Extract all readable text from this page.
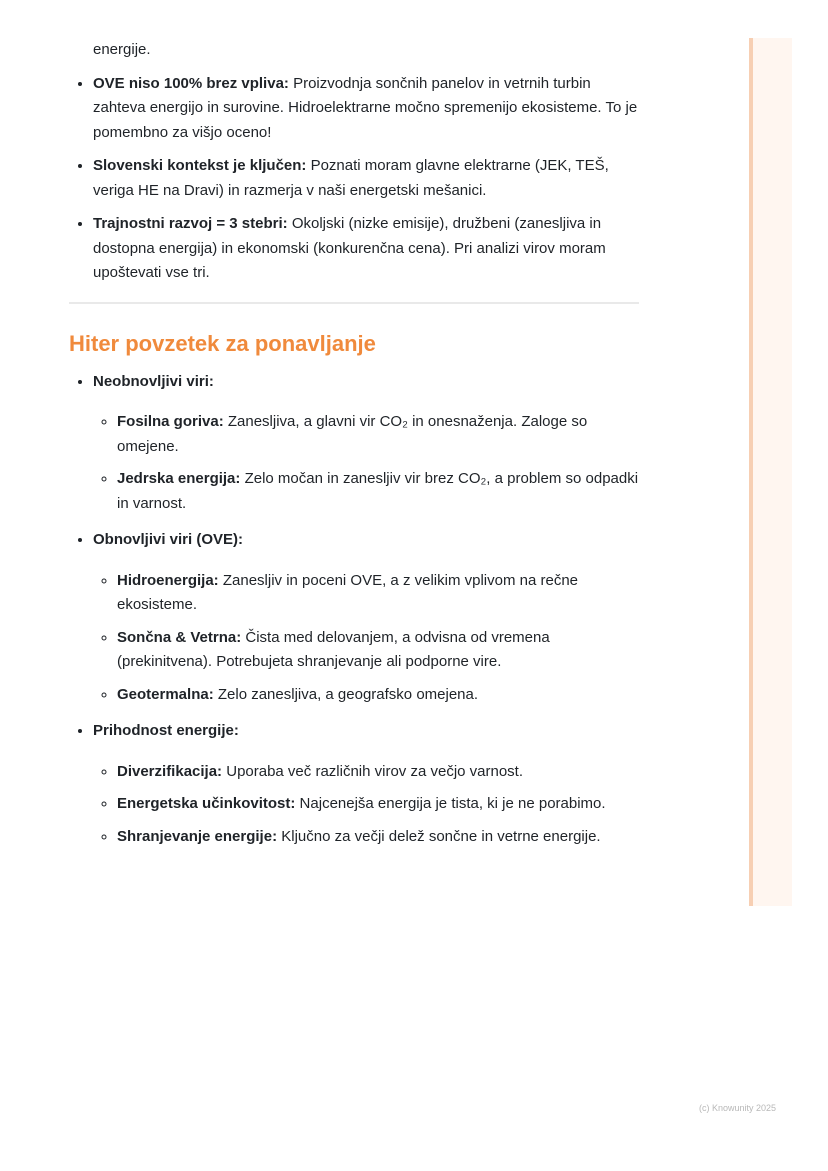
energije.
• OVE niso 100% brez vpliva: Proizvodnja sončnih panelov in vetrnih turbin zahteva energijo in surovine. Hidroelektrarne močno spremenijo ekosisteme. To je pomembno za višjo oceno!
• Slovenski kontekst je ključen: Poznati moram glavne elektrarne (JEK, TEŠ, veriga HE na Dravi) in razmerja v naši energetski mešanici.
• Trajnostni razvoj = 3 stebri: Okoljski (nizke emisije), družbeni (zanesljiva in dostopna energija) in ekonomski (konkurenčna cena). Pri analizi virov moram upoštevati vse tri.
Hiter povzetek za ponavljanje
• Neobnovljivi viri:
◦ Fosilna goriva: Zanesljiva, a glavni vir CO₂ in onesnaženja. Zaloge so omejene.
◦ Jedrska energija: Zelo močan in zanesljiv vir brez CO₂, a problem so odpadki in varnost.
• Obnovljivi viri (OVE):
◦ Hidroenergija: Zanesljiv in poceni OVE, a z velikim vplivom na rečne ekosisteme.
◦ Sončna & Vetrna: Čista med delovanjem, a odvisna od vremena (prekinitvena). Potrebujeta shranjevanje ali podporne vire.
◦ Geotermalna: Zelo zanesljiva, a geografsko omejena.
• Prihodnost energije:
◦ Diverzifikacija: Uporaba več različnih virov za večjo varnost.
◦ Energetska učinkovitost: Najcenejša energija je tista, ki je ne porabimo.
◦ Shranjevanje energije: Ključno za večji delež sončne in vetrne energije.
(c) Knowunity 2025
